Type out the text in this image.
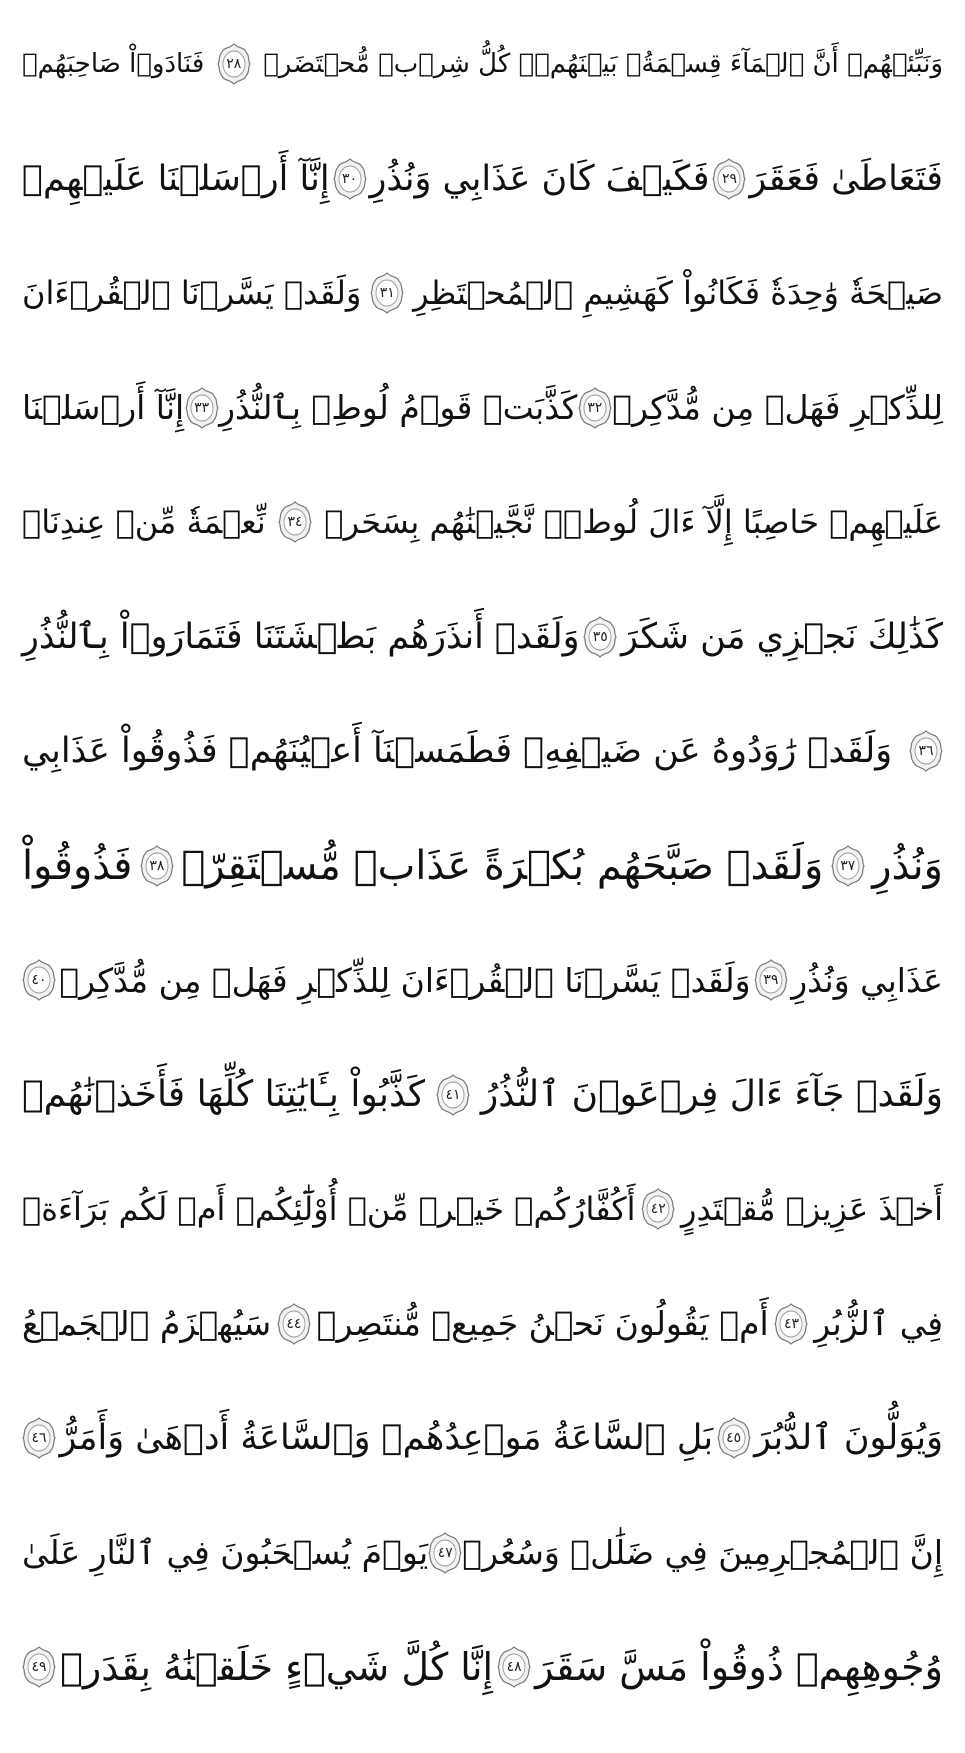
وَنَبِّئۡهُمۡ أَنَّ ٱلۡمَآءَ قِسۡمَةُۢ بَيۡنَهُمۡۖ كُلُّ شِرۡبٖ مُّحۡتَضَرٞ
٢٨
فَنَادَوۡاْ صَاحِبَهُمۡ
فَتَعَاطَىٰ فَعَقَرَ
٢٩
فَكَيۡفَ كَانَ عَذَابِي وَنُذُرِ
٣٠
إِنَّآ أَرۡسَلۡنَا عَلَيۡهِمۡ
صَيۡحَةٗ وَٰحِدَةٗ فَكَانُواْ كَهَشِيمِ ٱلۡمُحۡتَظِرِ
٣١
وَلَقَدۡ يَسَّرۡنَا ٱلۡقُرۡءَانَ
لِلذِّكۡرِ فَهَلۡ مِن مُّدَّكِرٖ
٣٢
كَذَّبَتۡ قَوۡمُ لُوطِۭ بِٱلنُّذُرِ
٣٣
إِنَّآ أَرۡسَلۡنَا
عَلَيۡهِمۡ حَاصِبًا إِلَّآ ءَالَ لُوطٖۖ نَّجَّيۡنَٰهُم بِسَحَرٖ
٣٤
نِّعۡمَةٗ مِّنۡ عِندِنَاۚ
كَذَٰلِكَ نَجۡزِي مَن شَكَرَ
٣٥
وَلَقَدۡ أَنذَرَهُم بَطۡشَتَنَا فَتَمَارَوۡاْ بِٱلنُّذُرِ
٣٦
وَلَقَدۡ رَٰوَدُوهُ عَن ضَيۡفِهِۦ فَطَمَسۡنَآ أَعۡيُنَهُمۡ فَذُوقُواْ عَذَابِي
وَنُذُرِ
٣٧
وَلَقَدۡ صَبَّحَهُم بُكۡرَةً عَذَابٞ مُّسۡتَقِرّٞ
٣٨
فَذُوقُواْ
عَذَابِي وَنُذُرِ
٣٩
وَلَقَدۡ يَسَّرۡنَا ٱلۡقُرۡءَانَ لِلذِّكۡرِ فَهَلۡ مِن مُّدَّكِرٖ
٤٠
وَلَقَدۡ جَآءَ ءَالَ فِرۡعَوۡنَ ٱلنُّذُرُ
٤١
كَذَّبُواْ بِـَٔايَٰتِنَا كُلِّهَا فَأَخَذۡنَٰهُمۡ
أَخۡذَ عَزِيزٖ مُّقۡتَدِرٍ
٤٢
أَكُفَّارُكُمۡ خَيۡرٞ مِّنۡ أُوْلَٰٓئِكُمۡ أَمۡ لَكُم بَرَآءَةٞ
فِي ٱلزُّبُرِ
٤٣
أَمۡ يَقُولُونَ نَحۡنُ جَمِيعٞ مُّنتَصِرٞ
٤٤
سَيُهۡزَمُ ٱلۡجَمۡعُ
وَيُوَلُّونَ ٱلدُّبُرَ
٤٥
بَلِ ٱلسَّاعَةُ مَوۡعِدُهُمۡ وَٱلسَّاعَةُ أَدۡهَىٰ وَأَمَرُّ
٤٦
إِنَّ ٱلۡمُجۡرِمِينَ فِي ضَلَٰلٖ وَسُعُرٖ
٤٧
يَوۡمَ يُسۡحَبُونَ فِي ٱلنَّارِ عَلَىٰ
وُجُوهِهِمۡ ذُوقُواْ مَسَّ سَقَرَ
٤٨
إِنَّا كُلَّ شَيۡءٍ خَلَقۡنَٰهُ بِقَدَرٖ
٤٩
